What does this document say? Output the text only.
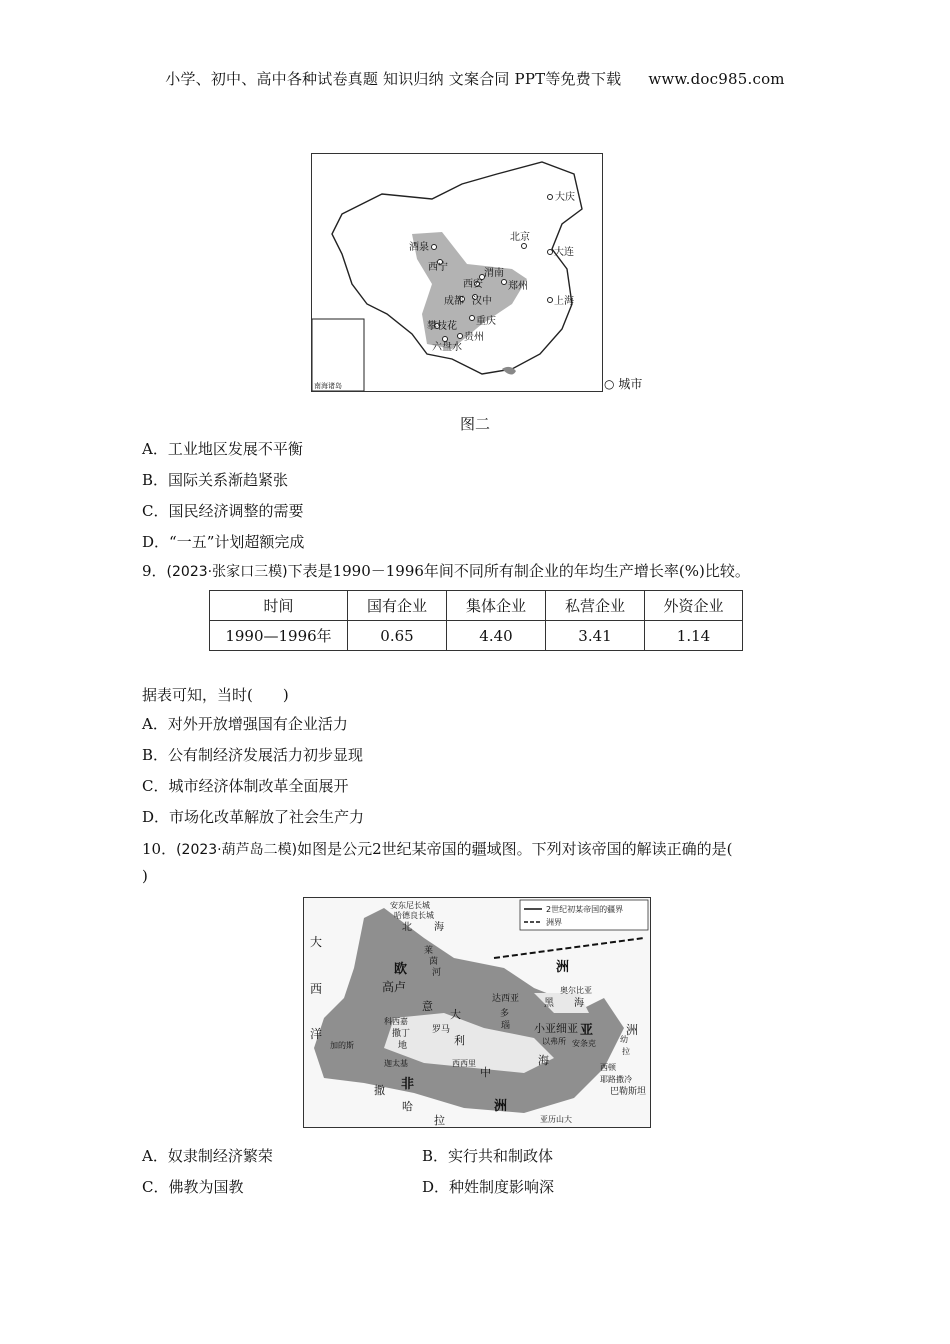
小学、初中、高中各种试卷真题 知识归纳 文案合同 PPT等免费下载 www.doc985.com
大庆
北京
酒泉
西宁
大连
渭南
西安	郑州
上海
成都 汉中
重庆
攀枝花
贵州
六盘水
南海诸岛	○ 城市
图二
A．工业地区发展不平衡
B．国际关系渐趋紧张
C．国民经济调整的需要
D．“一五”计划超额完成
9．(2023·张家口三模)下表是1990－1996年间不同所有制企业的年均生产增长率(%)比较。
时间	国有企业	集体企业	私营企业	外资企业
1990—1996年	0.65	4.40	3.41	1.14
据表可知，当时(　　)
A．对外开放增强国有企业活力
B．公有制经济发展活力初步显现
C．城市经济体制改革全面展开
D．市场化改革解放了社会生产力
10．(2023·葫芦岛二模)如图是公元2世纪某帝国的疆域图。下列对该帝国的解读正确的是(
)
2世纪初某帝国的疆界
洲界
安东尼长城
哈德良长城
北 海
莱
茵
河
大
西
洋
欧	洲
高卢
达西亚 黑 海
奥尔比亚
亚	洲
多
瑙
意
大
利
罗马
科西嘉
撒丁
地
加的斯
迦太基	西西里
中
海
非
洲
撒
哈
拉
小亚细亚
以弗所 安条克
西顿
耶路撒冷
巴勒斯坦
亚历山大
幼
拉
A．奴隶制经济繁荣	B．实行共和制政体
C．佛教为国教	D．种姓制度影响深
